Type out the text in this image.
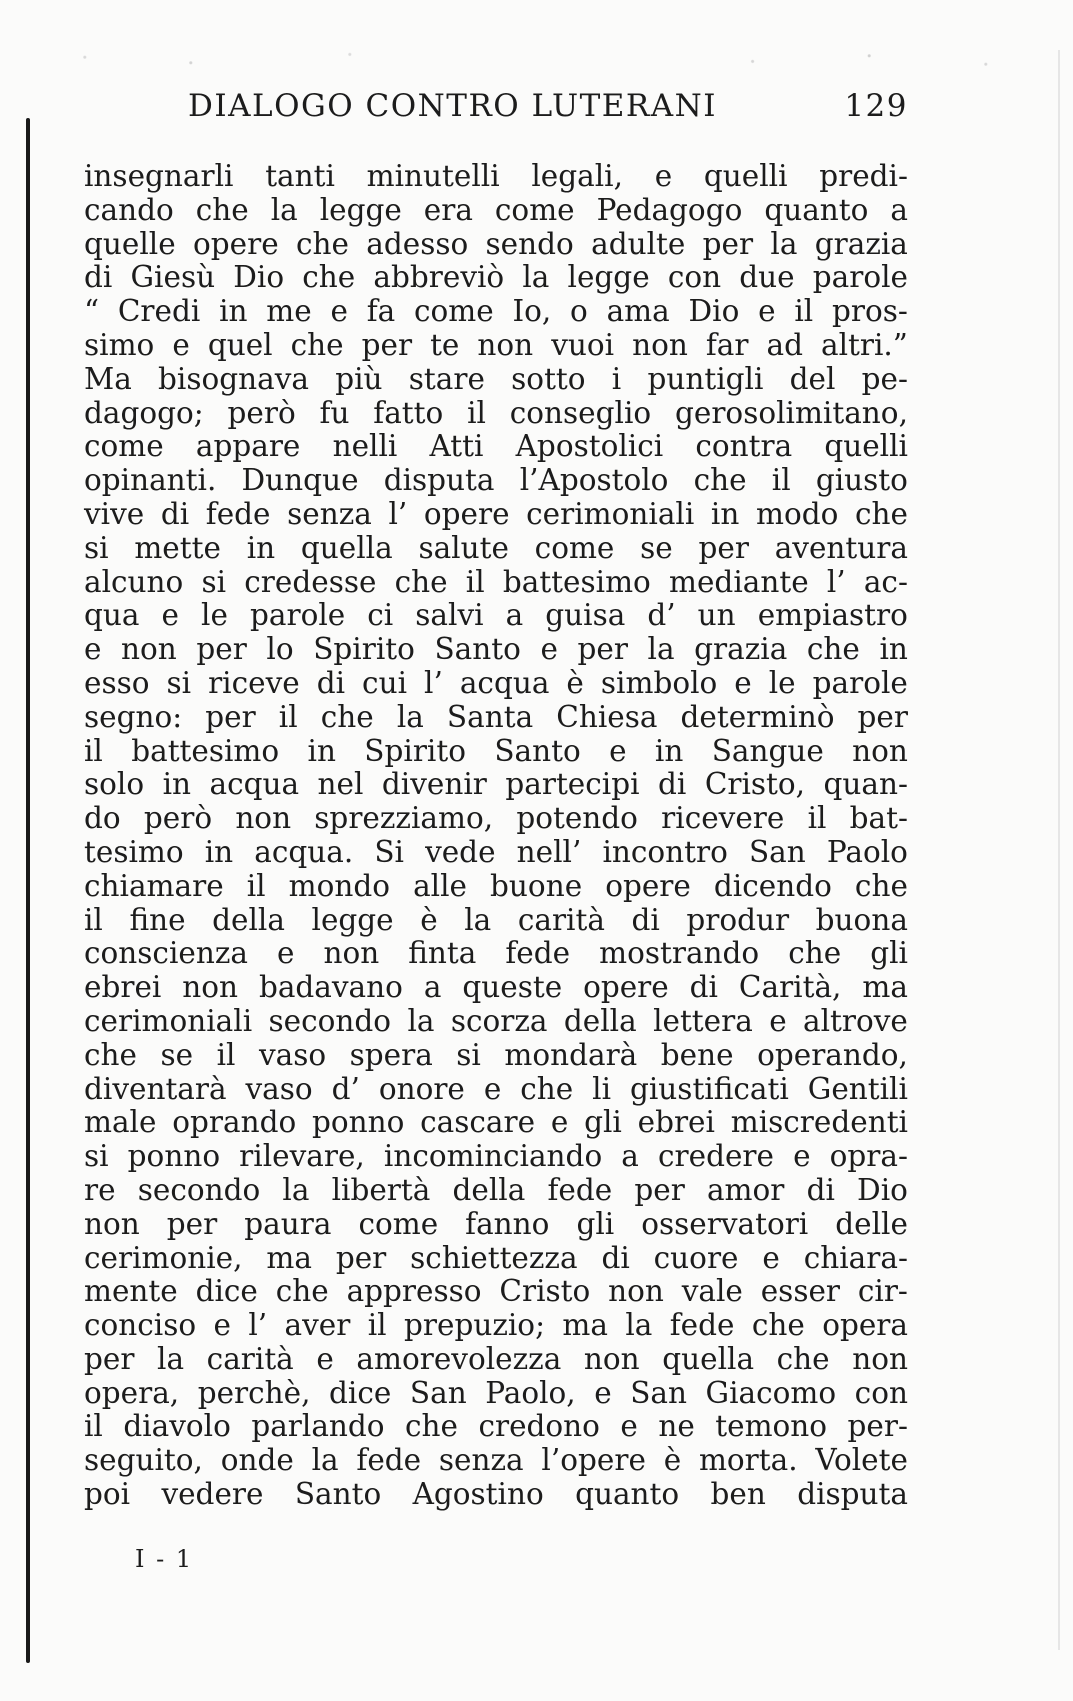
DIALOGO CONTRO LUTERANI	129
insegnarli tanti minutelli legali, e quelli predi-
cando che la legge era come Pedagogo quanto a
quelle opere che adesso sendo adulte per la grazia
di Giesù Dio che abbreviò la legge con due parole
“ Credi in me e fa come Io, o ama Dio e il pros-
simo e quel che per te non vuoi non far ad altri.”
Ma bisognava più stare sotto i puntigli del pe-
dagogo; però fu fatto il conseglio gerosolimitano,
come appare nelli Atti Apostolici contra quelli
opinanti. Dunque disputa l’Apostolo che il giusto
vive di fede senza l’ opere cerimoniali in modo che
si mette in quella salute come se per aventura
alcuno si credesse che il battesimo mediante l’ ac-
qua e le parole ci salvi a guisa d’ un empiastro
e non per lo Spirito Santo e per la grazia che in
esso si riceve di cui l’ acqua è simbolo e le parole
segno: per il che la Santa Chiesa determinò per
il battesimo in Spirito Santo e in Sangue non
solo in acqua nel divenir partecipi di Cristo, quan-
do però non sprezziamo, potendo ricevere il bat-
tesimo in acqua. Si vede nell’ incontro San Paolo
chiamare il mondo alle buone opere dicendo che
il fine della legge è la carità di produr buona
conscienza e non finta fede mostrando che gli
ebrei non badavano a queste opere di Carità, ma
cerimoniali secondo la scorza della lettera e altrove
che se il vaso spera si mondarà bene operando,
diventarà vaso d’ onore e che li giustificati Gentili
male oprando ponno cascare e gli ebrei miscredenti
si ponno rilevare, incominciando a credere e opra-
re secondo la libertà della fede per amor di Dio
non per paura come fanno gli osservatori delle
cerimonie, ma per schiettezza di cuore e chiara-
mente dice che appresso Cristo non vale esser cir-
conciso e l’ aver il prepuzio; ma la fede che opera
per la carità e amorevolezza non quella che non
opera, perchè, dice San Paolo, e San Giacomo con
il diavolo parlando che credono e ne temono per-
seguito, onde la fede senza l’opere è morta. Volete
poi vedere Santo Agostino quanto ben disputa
I - 1
